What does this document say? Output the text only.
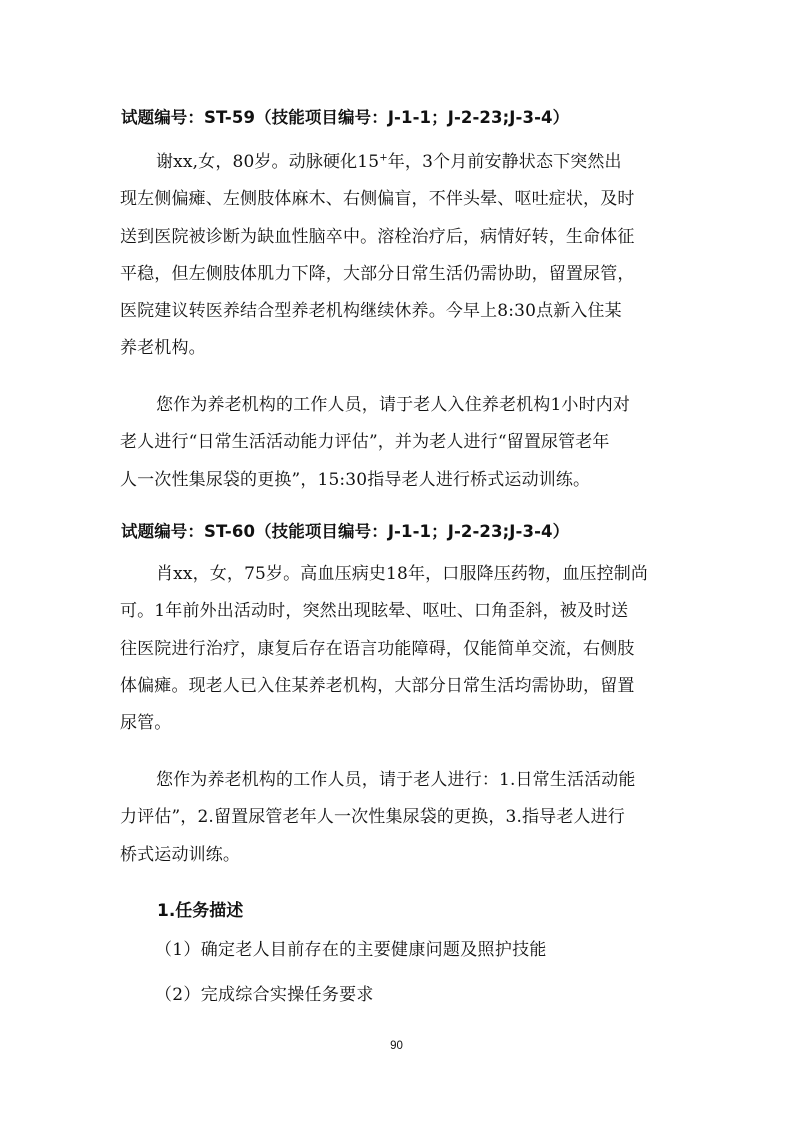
试题编号：ST-59（技能项目编号：J-1-1；J-2-23;J-3-4）
谢xx,女，80岁。动脉硬化15+年，3个月前安静状态下突然出
现左侧偏瘫、左侧肢体麻木、右侧偏盲，不伴头晕、呕吐症状，及时
送到医院被诊断为缺血性脑卒中。溶栓治疗后，病情好转，生命体征
平稳，但左侧肢体肌力下降，大部分日常生活仍需协助，留置尿管，
医院建议转医养结合型养老机构继续休养。今早上8:30点新入住某
养老机构。
您作为养老机构的工作人员，请于老人入住养老机构1小时内对
老人进行“日常生活活动能力评估”，并为老人进行“留置尿管老年
人一次性集尿袋的更换”，15:30指导老人进行桥式运动训练。
试题编号：ST-60（技能项目编号：J-1-1；J-2-23;J-3-4）
肖xx，女，75岁。高血压病史18年，口服降压药物，血压控制尚
可。1年前外出活动时，突然出现眩晕、呕吐、口角歪斜，被及时送
往医院进行治疗，康复后存在语言功能障碍，仅能简单交流，右侧肢
体偏瘫。现老人已入住某养老机构，大部分日常生活均需协助，留置
尿管。
您作为养老机构的工作人员，请于老人进行：1.日常生活活动能
力评估”，2.留置尿管老年人一次性集尿袋的更换，3.指导老人进行
桥式运动训练。
1.任务描述
（1）确定老人目前存在的主要健康问题及照护技能
（2）完成综合实操任务要求
90
